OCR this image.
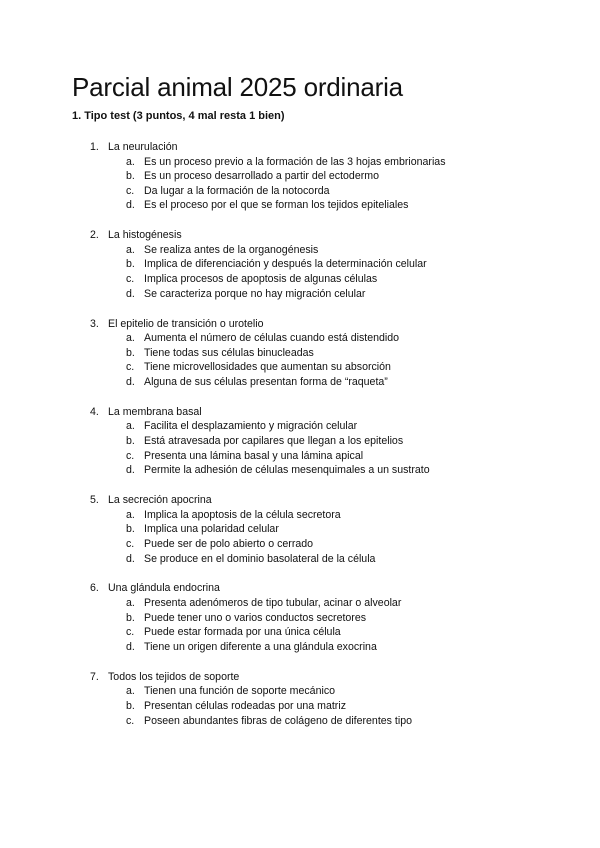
Parcial animal 2025 ordinaria

1. Tipo test (3 puntos, 4 mal resta 1 bien)

1. La neurulación
a. Es un proceso previo a la formación de las 3 hojas embrionarias
b. Es un proceso desarrollado a partir del ectodermo
c. Da lugar a la formación de la notocorda
d. Es el proceso por el que se forman los tejidos epiteliales
2. La histogénesis
a. Se realiza antes de la organogénesis
b. Implica de diferenciación y después la determinación celular
c. Implica procesos de apoptosis de algunas células
d. Se caracteriza porque no hay migración celular
3. El epitelio de transición o urotelio
a. Aumenta el número de células cuando está distendido
b. Tiene todas sus células binucleadas
c. Tiene microvellosidades que aumentan su absorción
d. Alguna de sus células presentan forma de “raqueta”
4. La membrana basal
a. Facilita el desplazamiento y migración celular
b. Está atravesada por capilares que llegan a los epitelios
c. Presenta una lámina basal y una lámina apical
d. Permite la adhesión de células mesenquimales a un sustrato
5. La secreción apocrina
a. Implica la apoptosis de la célula secretora
b. Implica una polaridad celular
c. Puede ser de polo abierto o cerrado
d. Se produce en el dominio basolateral de la célula
6. Una glándula endocrina
a. Presenta adenómeros de tipo tubular, acinar o alveolar
b. Puede tener uno o varios conductos secretores
c. Puede estar formada por una única célula
d. Tiene un origen diferente a una glándula exocrina
7. Todos los tejidos de soporte
a. Tienen una función de soporte mecánico
b. Presentan células rodeadas por una matriz
c. Poseen abundantes fibras de colágeno de diferentes tipo
